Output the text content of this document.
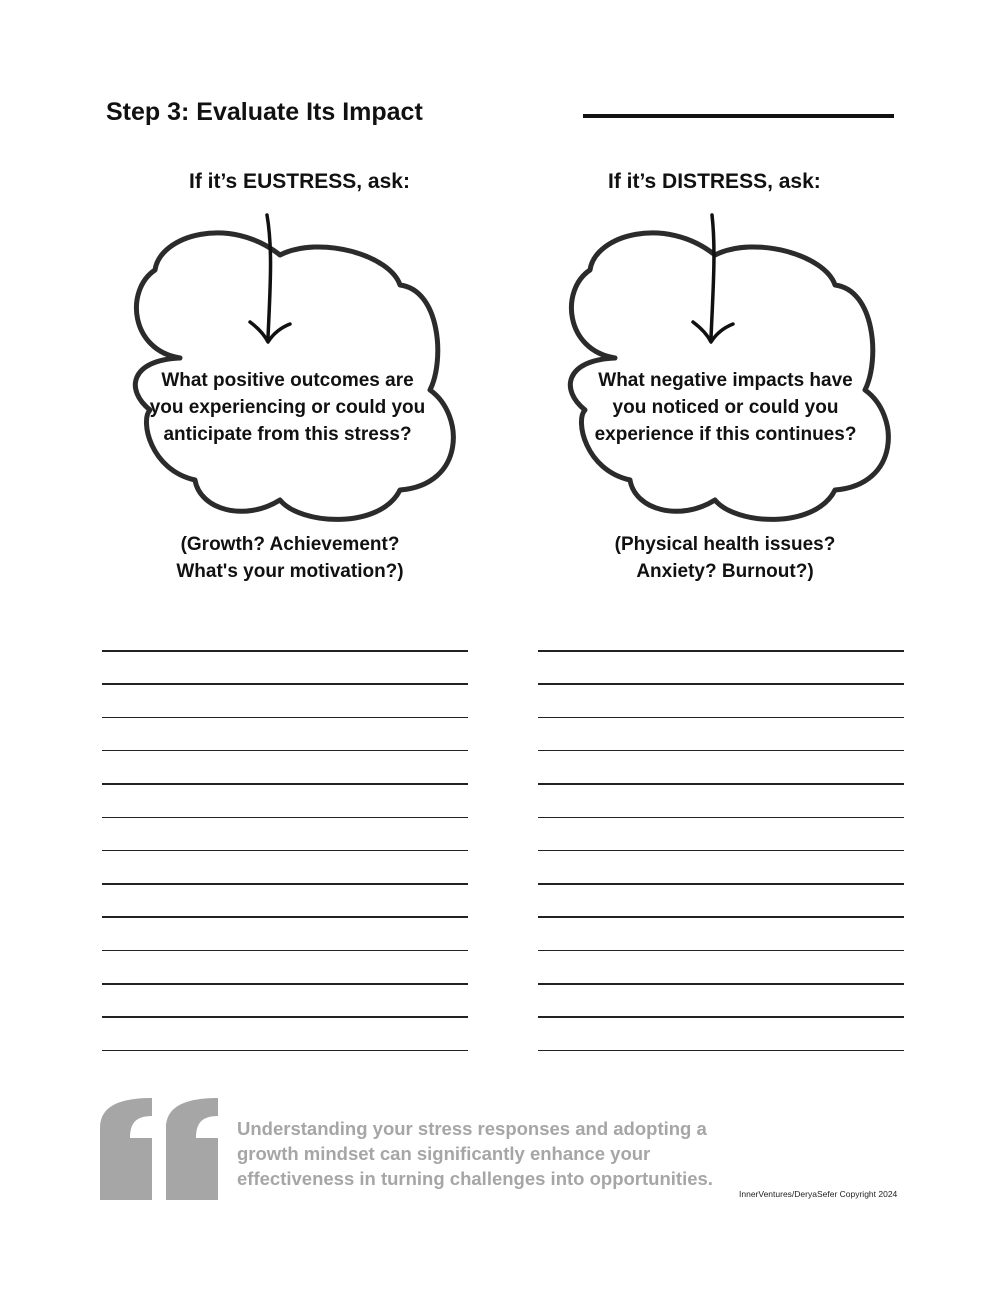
Step 3: Evaluate Its Impact
If it’s EUSTRESS, ask:	If it’s DISTRESS, ask:
What positive outcomes are you experiencing or could you anticipate from this stress?
What negative impacts have you noticed or could you experience if this continues?
(Growth? Achievement?
What's your motivation?)
(Physical health issues?
Anxiety? Burnout?)

Understanding your stress responses and adopting a growth mindset can significantly enhance your effectiveness in turning challenges into opportunities.

InnerVentures/DeryaSefer Copyright 2024
